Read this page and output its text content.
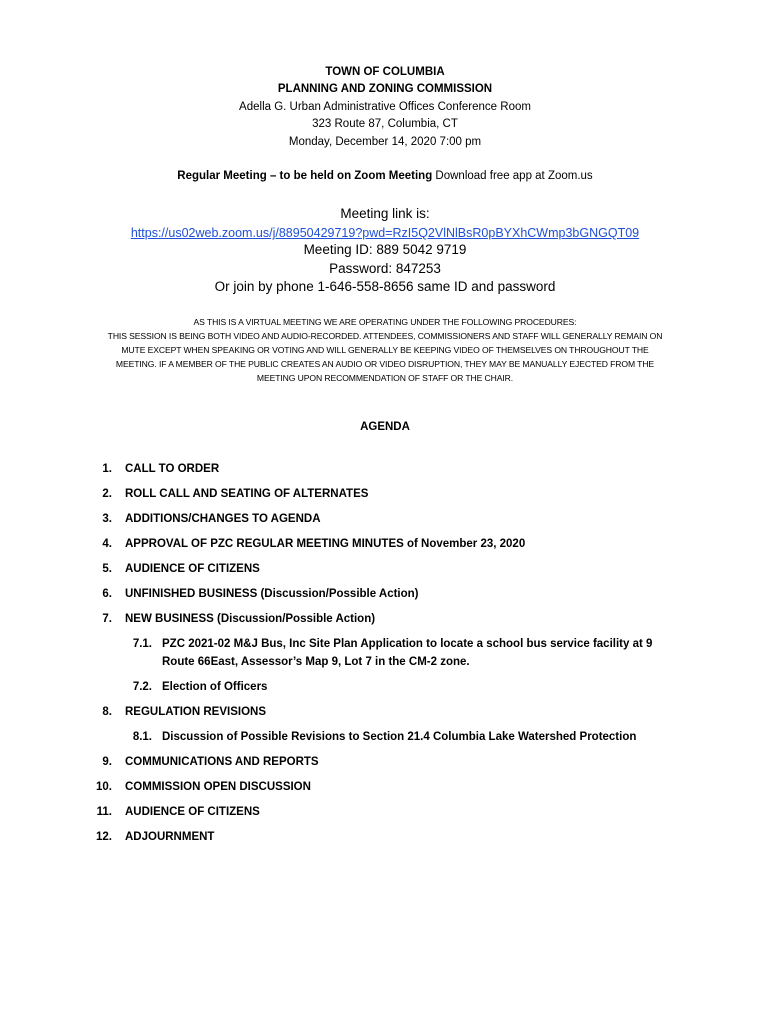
TOWN OF COLUMBIA
PLANNING AND ZONING COMMISSION
Adella G. Urban Administrative Offices Conference Room
323 Route 87, Columbia, CT
Monday, December 14, 2020 7:00 pm
Regular Meeting – to be held on Zoom Meeting Download free app at Zoom.us
Meeting link is:
https://us02web.zoom.us/j/88950429719?pwd=RzI5Q2VlNlBsR0pBYXhCWmp3bGNGQT09
Meeting ID: 889 5042 9719
Password: 847253
Or join by phone 1-646-558-8656 same ID and password
AS THIS IS A VIRTUAL MEETING WE ARE OPERATING UNDER THE FOLLOWING PROCEDURES:
THIS SESSION IS BEING BOTH VIDEO AND AUDIO-RECORDED. ATTENDEES, COMMISSIONERS AND STAFF WILL GENERALLY REMAIN ON
MUTE EXCEPT WHEN SPEAKING OR VOTING AND WILL GENERALLY BE KEEPING VIDEO OF THEMSELVES ON THROUGHOUT THE
MEETING. IF A MEMBER OF THE PUBLIC CREATES AN AUDIO OR VIDEO DISRUPTION, THEY MAY BE MANUALLY EJECTED FROM THE
MEETING UPON RECOMMENDATION OF STAFF OR THE CHAIR.
AGENDA
1. CALL TO ORDER
2. ROLL CALL AND SEATING OF ALTERNATES
3. ADDITIONS/CHANGES TO AGENDA
4. APPROVAL OF PZC REGULAR MEETING MINUTES of November 23, 2020
5. AUDIENCE OF CITIZENS
6. UNFINISHED BUSINESS (Discussion/Possible Action)
7. NEW BUSINESS (Discussion/Possible Action)
7.1. PZC 2021-02 M&J Bus, Inc Site Plan Application to locate a school bus service facility at 9
Route 66East, Assessor’s Map 9, Lot 7 in the CM-2 zone.
7.2. Election of Officers
8. REGULATION REVISIONS
8.1. Discussion of Possible Revisions to Section 21.4 Columbia Lake Watershed Protection
9. COMMUNICATIONS AND REPORTS
10. COMMISSION OPEN DISCUSSION
11. AUDIENCE OF CITIZENS
12. ADJOURNMENT
